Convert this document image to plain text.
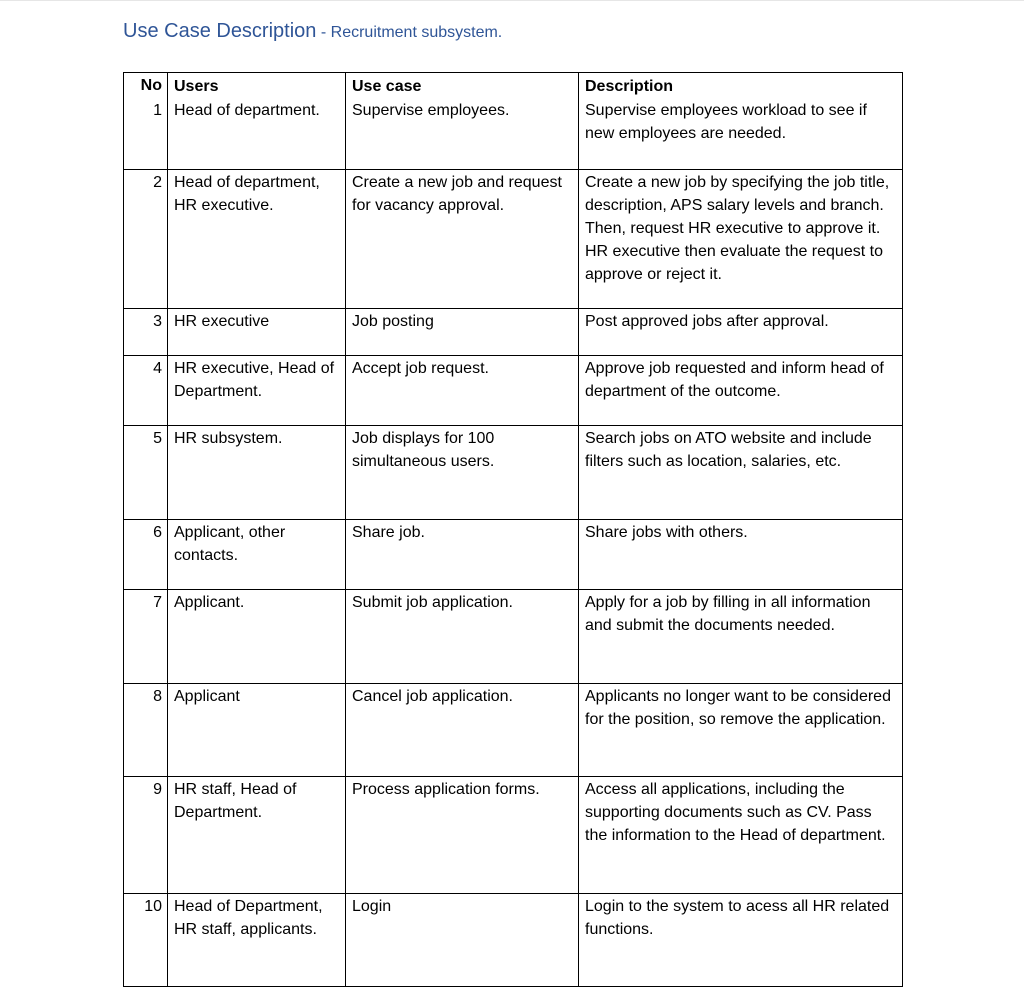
Use Case Description - Recruitment subsystem.
No	Users	Use case	Description
1	Head of department.	Supervise employees.	Supervise employees workload to see if new employees are needed.
2	Head of department, HR executive.	Create a new job and request for vacancy approval.	Create a new job by specifying the job title, description, APS salary levels and branch. Then, request HR executive to approve it. HR executive then evaluate the request to approve or reject it.
3	HR executive	Job posting	Post approved jobs after approval.
4	HR executive, Head of Department.	Accept job request.	Approve job requested and inform head of department of the outcome.
5	HR subsystem.	Job displays for 100 simultaneous users.	Search jobs on ATO website and include filters such as location, salaries, etc.
6	Applicant, other contacts.	Share job.	Share jobs with others.
7	Applicant.	Submit job application.	Apply for a job by filling in all information and submit the documents needed.
8	Applicant	Cancel job application.	Applicants no longer want to be considered for the position, so remove the application.
9	HR staff, Head of Department.	Process application forms.	Access all applications, including the supporting documents such as CV. Pass the information to the Head of department.
10	Head of Department, HR staff, applicants.	Login	Login to the system to acess all HR related functions.
